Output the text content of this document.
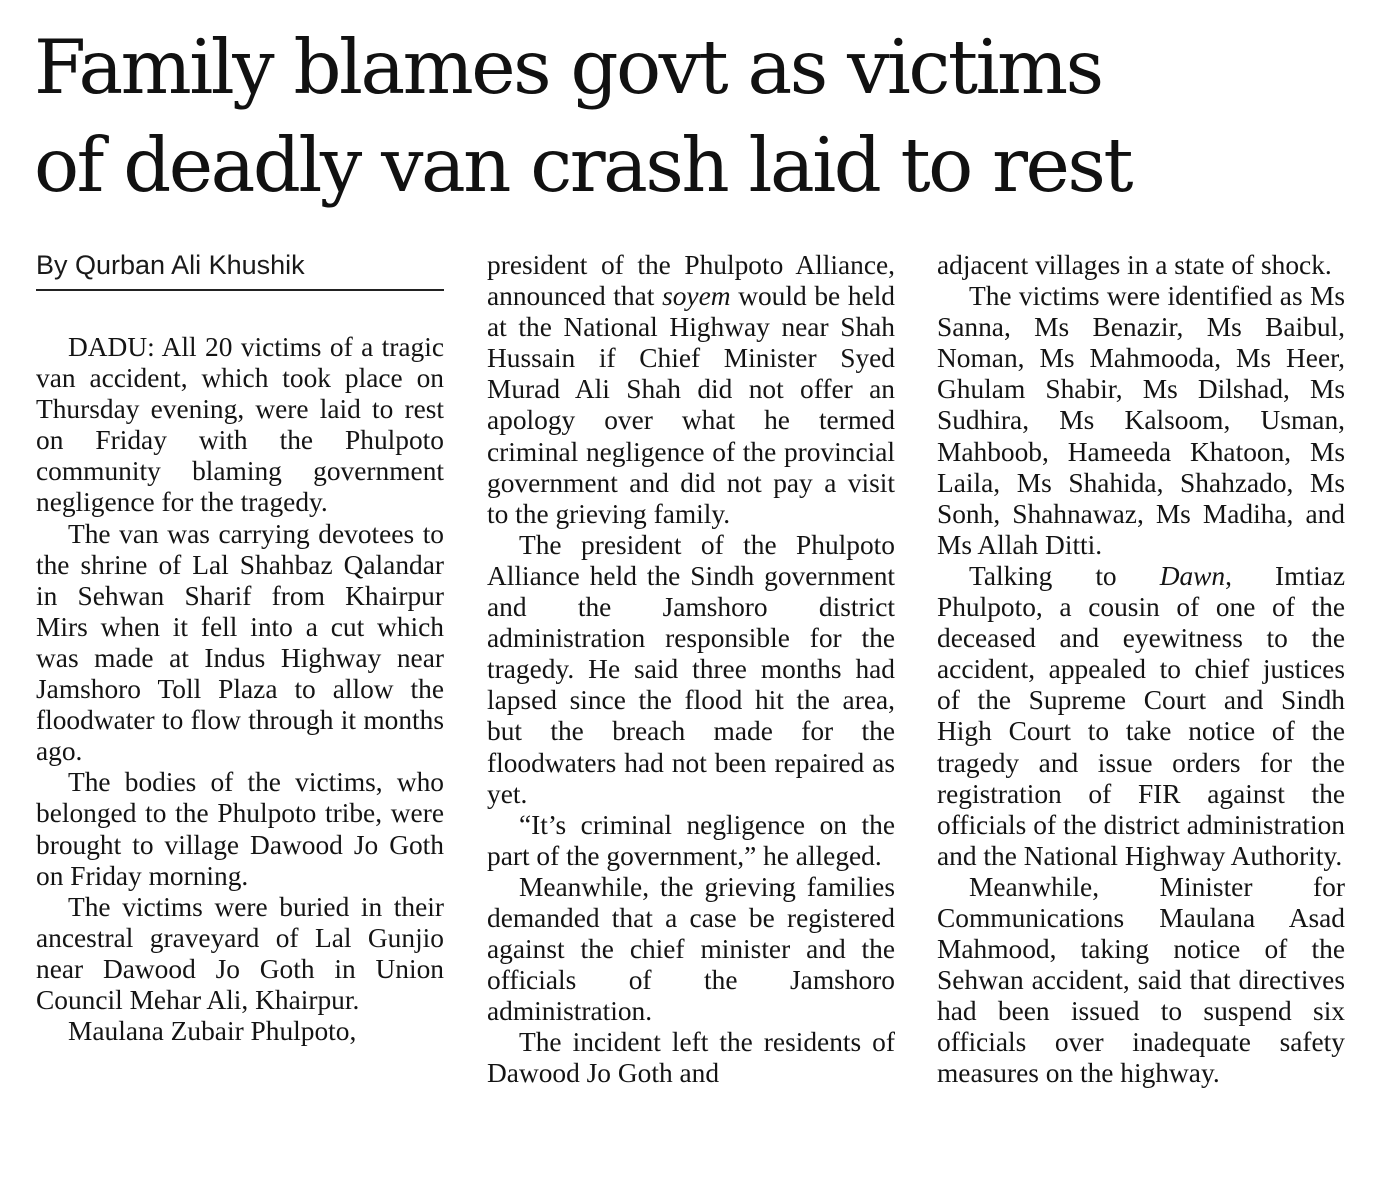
Family blames govt as victims
of deadly van crash laid to rest
By Qurban Ali Khushik

DADU: All 20 victims of a tragic van accident, which took place on Thursday evening, were laid to rest on Friday with the Phulpoto community blaming government negligence for the tragedy.

The van was carrying devotees to the shrine of Lal Shahbaz Qalandar in Sehwan Sharif from Khairpur Mirs when it fell into a cut which was made at Indus Highway near Jamshoro Toll Plaza to allow the floodwater to flow through it months ago.

The bodies of the victims, who belonged to the Phulpoto tribe, were brought to village Dawood Jo Goth on Friday morning.

The victims were buried in their ancestral graveyard of Lal Gunjio near Dawood Jo Goth in Union Council Mehar Ali, Khairpur.

Maulana Zubair Phulpoto,

president of the Phulpoto Alliance, announced that soyem would be held at the National Highway near Shah Hussain if Chief Minister Syed Murad Ali Shah did not offer an apology over what he termed criminal negligence of the provincial government and did not pay a visit to the grieving family.

The president of the Phulpoto Alliance held the Sindh government and the Jamshoro district administration responsible for the tragedy. He said three months had lapsed since the flood hit the area, but the breach made for the floodwaters had not been repaired as yet.

“It’s criminal negligence on the part of the government,” he alleged.

Meanwhile, the grieving families demanded that a case be registered against the chief minister and the officials of the Jamshoro administration.

The incident left the residents of Dawood Jo Goth and

adjacent villages in a state of shock.

The victims were identified as Ms Sanna, Ms Benazir, Ms Baibul, Noman, Ms Mahmooda, Ms Heer, Ghulam Shabir, Ms Dilshad, Ms Sudhira, Ms Kalsoom, Usman, Mahboob, Hameeda Khatoon, Ms Laila, Ms Shahida, Shahzado, Ms Sonh, Shahnawaz, Ms Madiha, and Ms Allah Ditti.

Talking to Dawn, Imtiaz Phulpoto, a cousin of one of the deceased and eyewitness to the accident, appealed to chief justices of the Supreme Court and Sindh High Court to take notice of the tragedy and issue orders for the registration of FIR against the officials of the district administration and the National Highway Authority.

Meanwhile, Minister for Communications Maulana Asad Mahmood, taking notice of the Sehwan accident, said that directives had been issued to suspend six officials over inadequate safety measures on the highway.
